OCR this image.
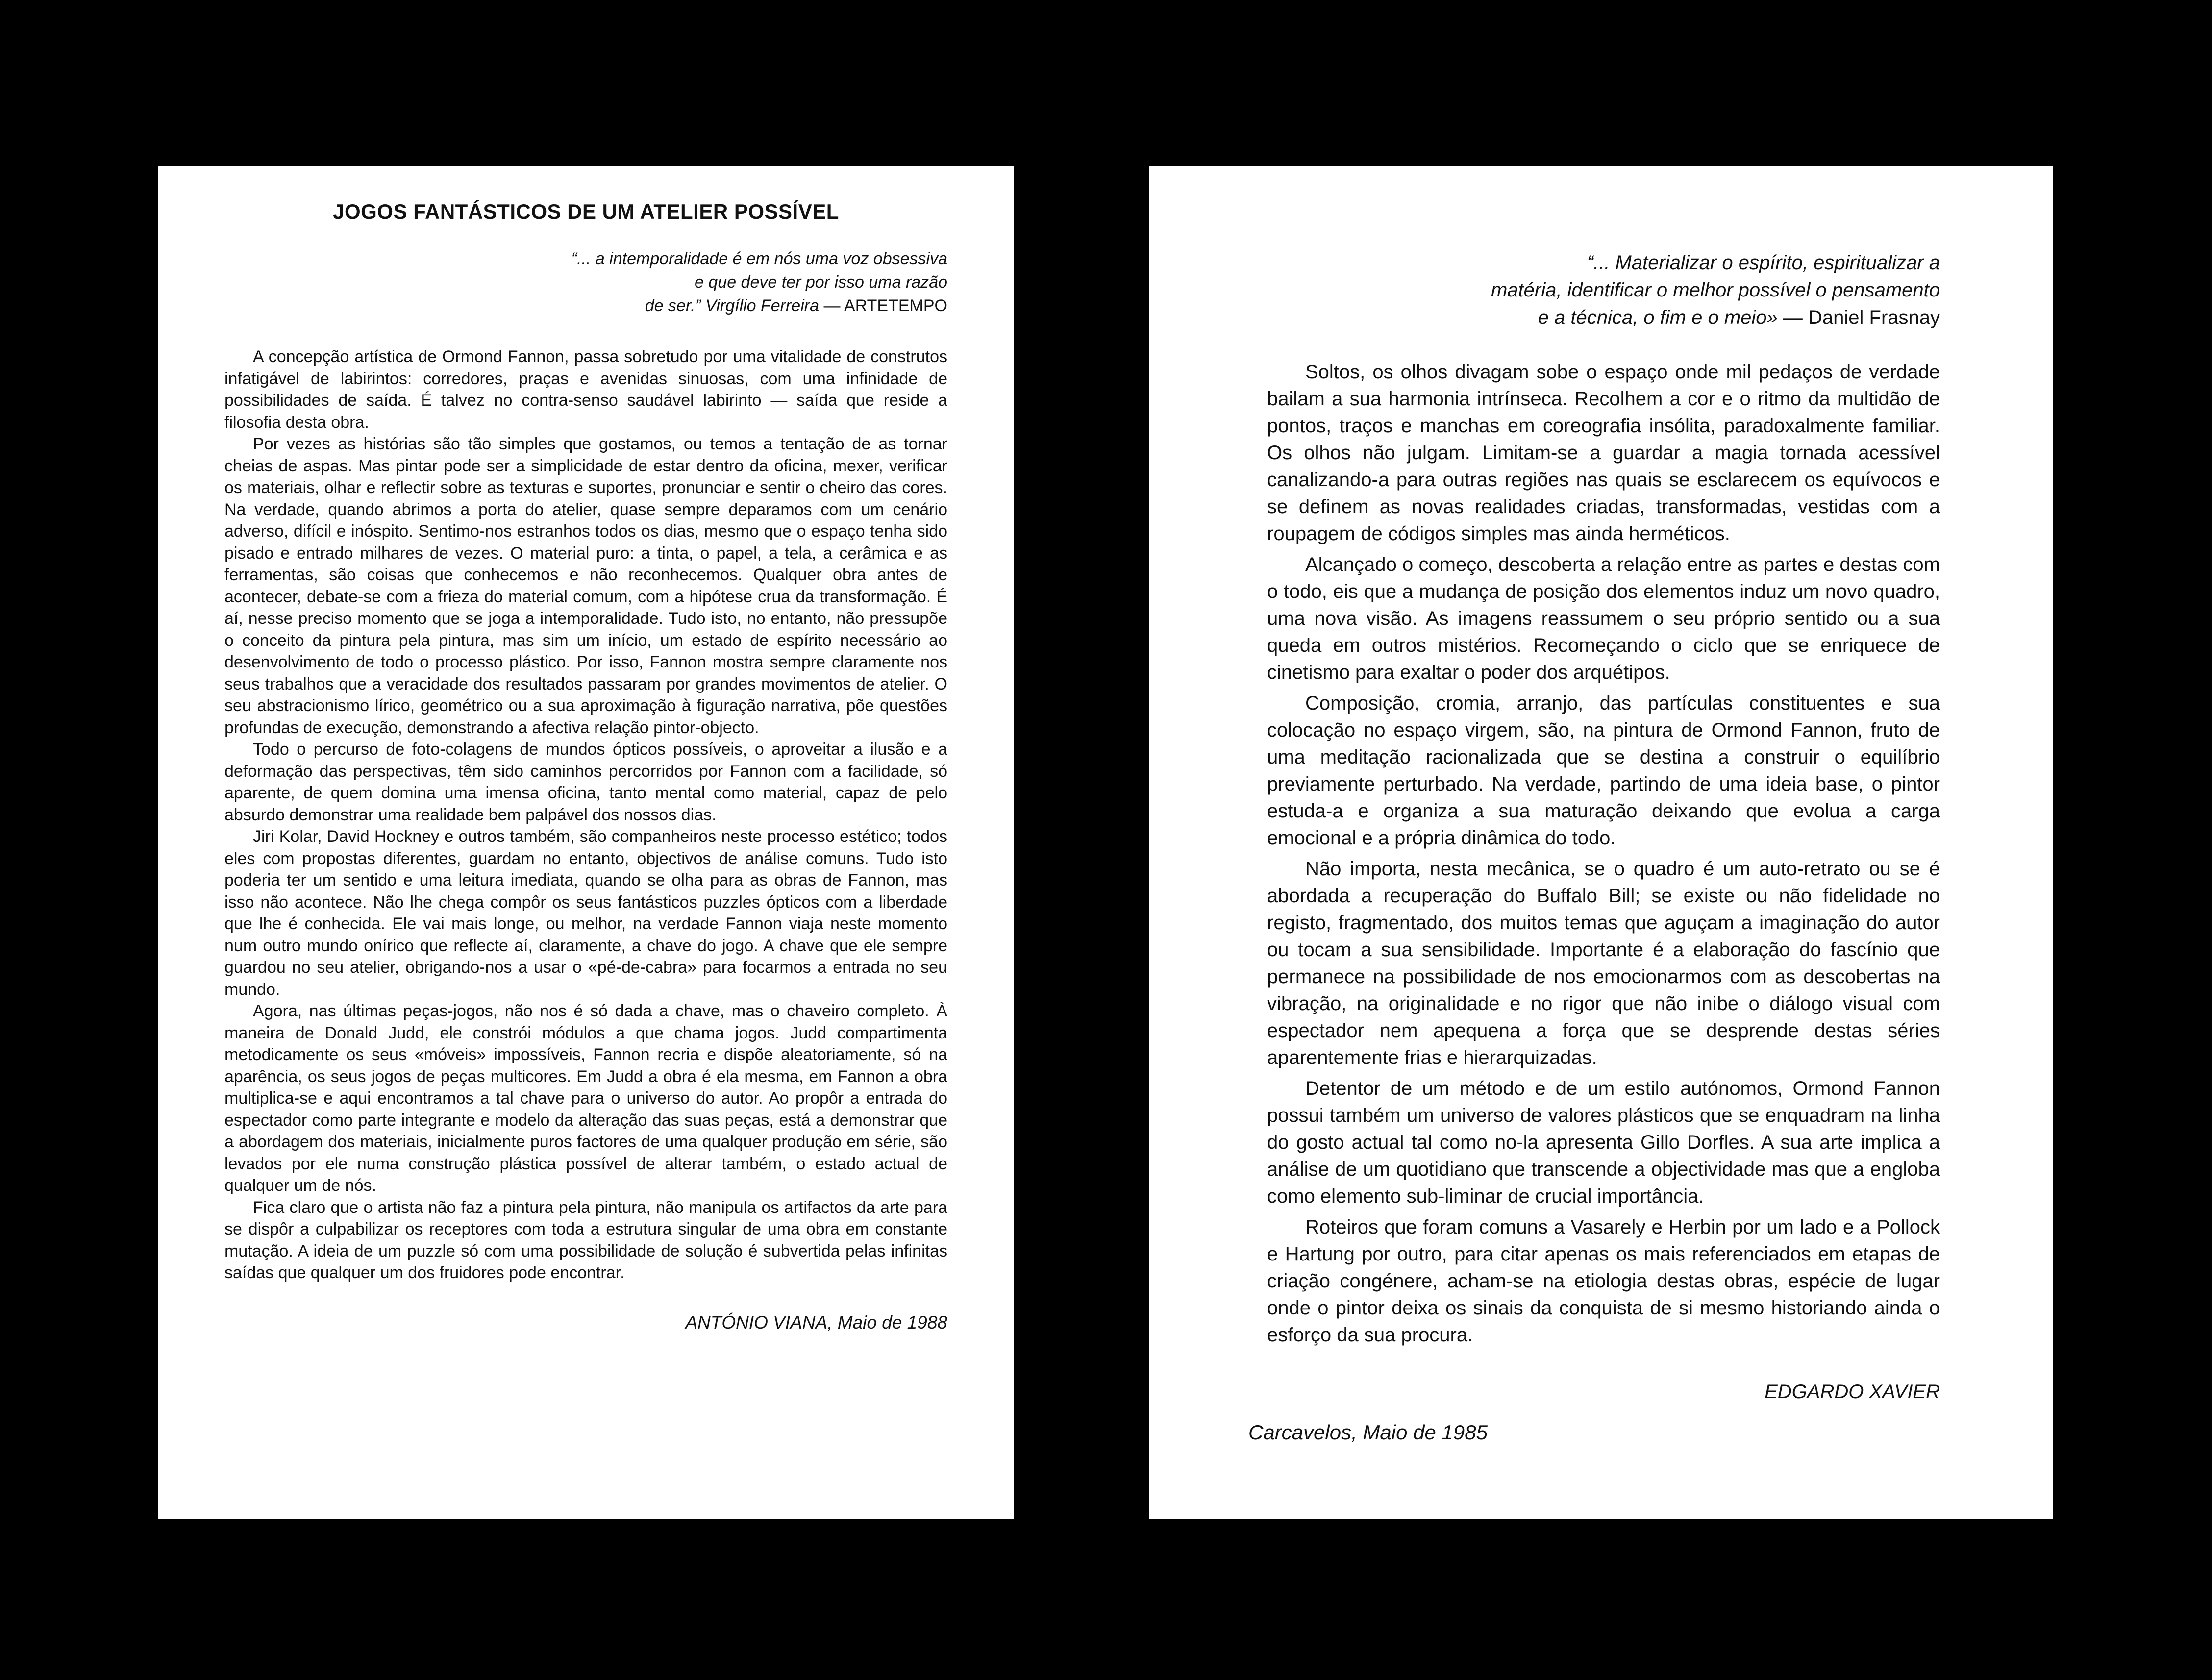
JOGOS FANTÁSTICOS DE UM ATELIER POSSÍVEL
“... a intemporalidade é em nós uma voz obsessiva
e que deve ter por isso uma razão
de ser.” Virgílio Ferreira — ARTETEMPO

A concepção artística de Ormond Fannon, passa sobretudo por uma vitalidade de construtos infatigável de labirintos: corredores, praças e avenidas sinuosas, com uma infinidade de possibilidades de saída. É talvez no contra-senso saudável labirinto — saída que reside a filosofia desta obra.

Por vezes as histórias são tão simples que gostamos, ou temos a tentação de as tornar cheias de aspas. Mas pintar pode ser a simplicidade de estar dentro da oficina, mexer, verificar os materiais, olhar e reflectir sobre as texturas e suportes, pronunciar e sentir o cheiro das cores. Na verdade, quando abrimos a porta do atelier, quase sempre deparamos com um cenário adverso, difícil e inóspito. Sentimo-nos estranhos todos os dias, mesmo que o espaço tenha sido pisado e entrado milhares de vezes. O material puro: a tinta, o papel, a tela, a cerâmica e as ferramentas, são coisas que conhecemos e não reconhecemos. Qualquer obra antes de acontecer, debate-se com a frieza do material comum, com a hipótese crua da transformação. É aí, nesse preciso momento que se joga a intemporalidade. Tudo isto, no entanto, não pressupõe o conceito da pintura pela pintura, mas sim um início, um estado de espírito necessário ao desenvolvimento de todo o processo plástico. Por isso, Fannon mostra sempre claramente nos seus trabalhos que a veracidade dos resultados passaram por grandes movimentos de atelier. O seu abstracionismo lírico, geométrico ou a sua aproximação à figuração narrativa, põe questões profundas de execução, demonstrando a afectiva relação pintor-objecto.

Todo o percurso de foto-colagens de mundos ópticos possíveis, o aproveitar a ilusão e a deformação das perspectivas, têm sido caminhos percorridos por Fannon com a facilidade, só aparente, de quem domina uma imensa oficina, tanto mental como material, capaz de pelo absurdo demonstrar uma realidade bem palpável dos nossos dias.

Jiri Kolar, David Hockney e outros também, são companheiros neste processo estético; todos eles com propostas diferentes, guardam no entanto, objectivos de análise comuns. Tudo isto poderia ter um sentido e uma leitura imediata, quando se olha para as obras de Fannon, mas isso não acontece. Não lhe chega compôr os seus fantásticos puzzles ópticos com a liberdade que lhe é conhecida. Ele vai mais longe, ou melhor, na verdade Fannon viaja neste momento num outro mundo onírico que reflecte aí, claramente, a chave do jogo. A chave que ele sempre guardou no seu atelier, obrigando-nos a usar o «pé-de-cabra» para focarmos a entrada no seu mundo.

Agora, nas últimas peças-jogos, não nos é só dada a chave, mas o chaveiro completo. À maneira de Donald Judd, ele constrói módulos a que chama jogos. Judd compartimenta metodicamente os seus «móveis» impossíveis, Fannon recria e dispõe aleatoriamente, só na aparência, os seus jogos de peças multicores. Em Judd a obra é ela mesma, em Fannon a obra multiplica-se e aqui encontramos a tal chave para o universo do autor. Ao propôr a entrada do espectador como parte integrante e modelo da alteração das suas peças, está a demonstrar que a abordagem dos materiais, inicialmente puros factores de uma qualquer produção em série, são levados por ele numa construção plástica possível de alterar também, o estado actual de qualquer um de nós.

Fica claro que o artista não faz a pintura pela pintura, não manipula os artifactos da arte para se dispôr a culpabilizar os receptores com toda a estrutura singular de uma obra em constante mutação. A ideia de um puzzle só com uma possibilidade de solução é subvertida pelas infinitas saídas que qualquer um dos fruidores pode encontrar.

ANTÓNIO VIANA, Maio de 1988
“... Materializar o espírito, espiritualizar a
matéria, identificar o melhor possível o pensamento
e a técnica, o fim e o meio» — Daniel Frasnay

Soltos, os olhos divagam sobe o espaço onde mil pedaços de verdade bailam a sua harmonia intrínseca. Recolhem a cor e o ritmo da multidão de pontos, traços e manchas em coreografia insólita, paradoxalmente familiar. Os olhos não julgam. Limitam-se a guardar a magia tornada acessível canalizando-a para outras regiões nas quais se esclarecem os equívocos e se definem as novas realidades criadas, transformadas, vestidas com a roupagem de códigos simples mas ainda herméticos.

Alcançado o começo, descoberta a relação entre as partes e destas com o todo, eis que a mudança de posição dos elementos induz um novo quadro, uma nova visão. As imagens reassumem o seu próprio sentido ou a sua queda em outros mistérios. Recomeçando o ciclo que se enriquece de cinetismo para exaltar o poder dos arquétipos.

Composição, cromia, arranjo, das partículas constituentes e sua colocação no espaço virgem, são, na pintura de Ormond Fannon, fruto de uma meditação racionalizada que se destina a construir o equilíbrio previamente perturbado. Na verdade, partindo de uma ideia base, o pintor estuda-a e organiza a sua maturação deixando que evolua a carga emocional e a própria dinâmica do todo.

Não importa, nesta mecânica, se o quadro é um auto-retrato ou se é abordada a recuperação do Buffalo Bill; se existe ou não fidelidade no registo, fragmentado, dos muitos temas que aguçam a imaginação do autor ou tocam a sua sensibilidade. Importante é a elaboração do fascínio que permanece na possibilidade de nos emocionarmos com as descobertas na vibração, na originalidade e no rigor que não inibe o diálogo visual com espectador nem apequena a força que se desprende destas séries aparentemente frias e hierarquizadas.

Detentor de um método e de um estilo autónomos, Ormond Fannon possui também um universo de valores plásticos que se enquadram na linha do gosto actual tal como no-la apresenta Gillo Dorfles. A sua arte implica a análise de um quotidiano que transcende a objectividade mas que a engloba como elemento sub-liminar de crucial importância.

Roteiros que foram comuns a Vasarely e Herbin por um lado e a Pollock e Hartung por outro, para citar apenas os mais referenciados em etapas de criação congénere, acham-se na etiologia destas obras, espécie de lugar onde o pintor deixa os sinais da conquista de si mesmo historiando ainda o esforço da sua procura.

EDGARDO XAVIER
Carcavelos, Maio de 1985
